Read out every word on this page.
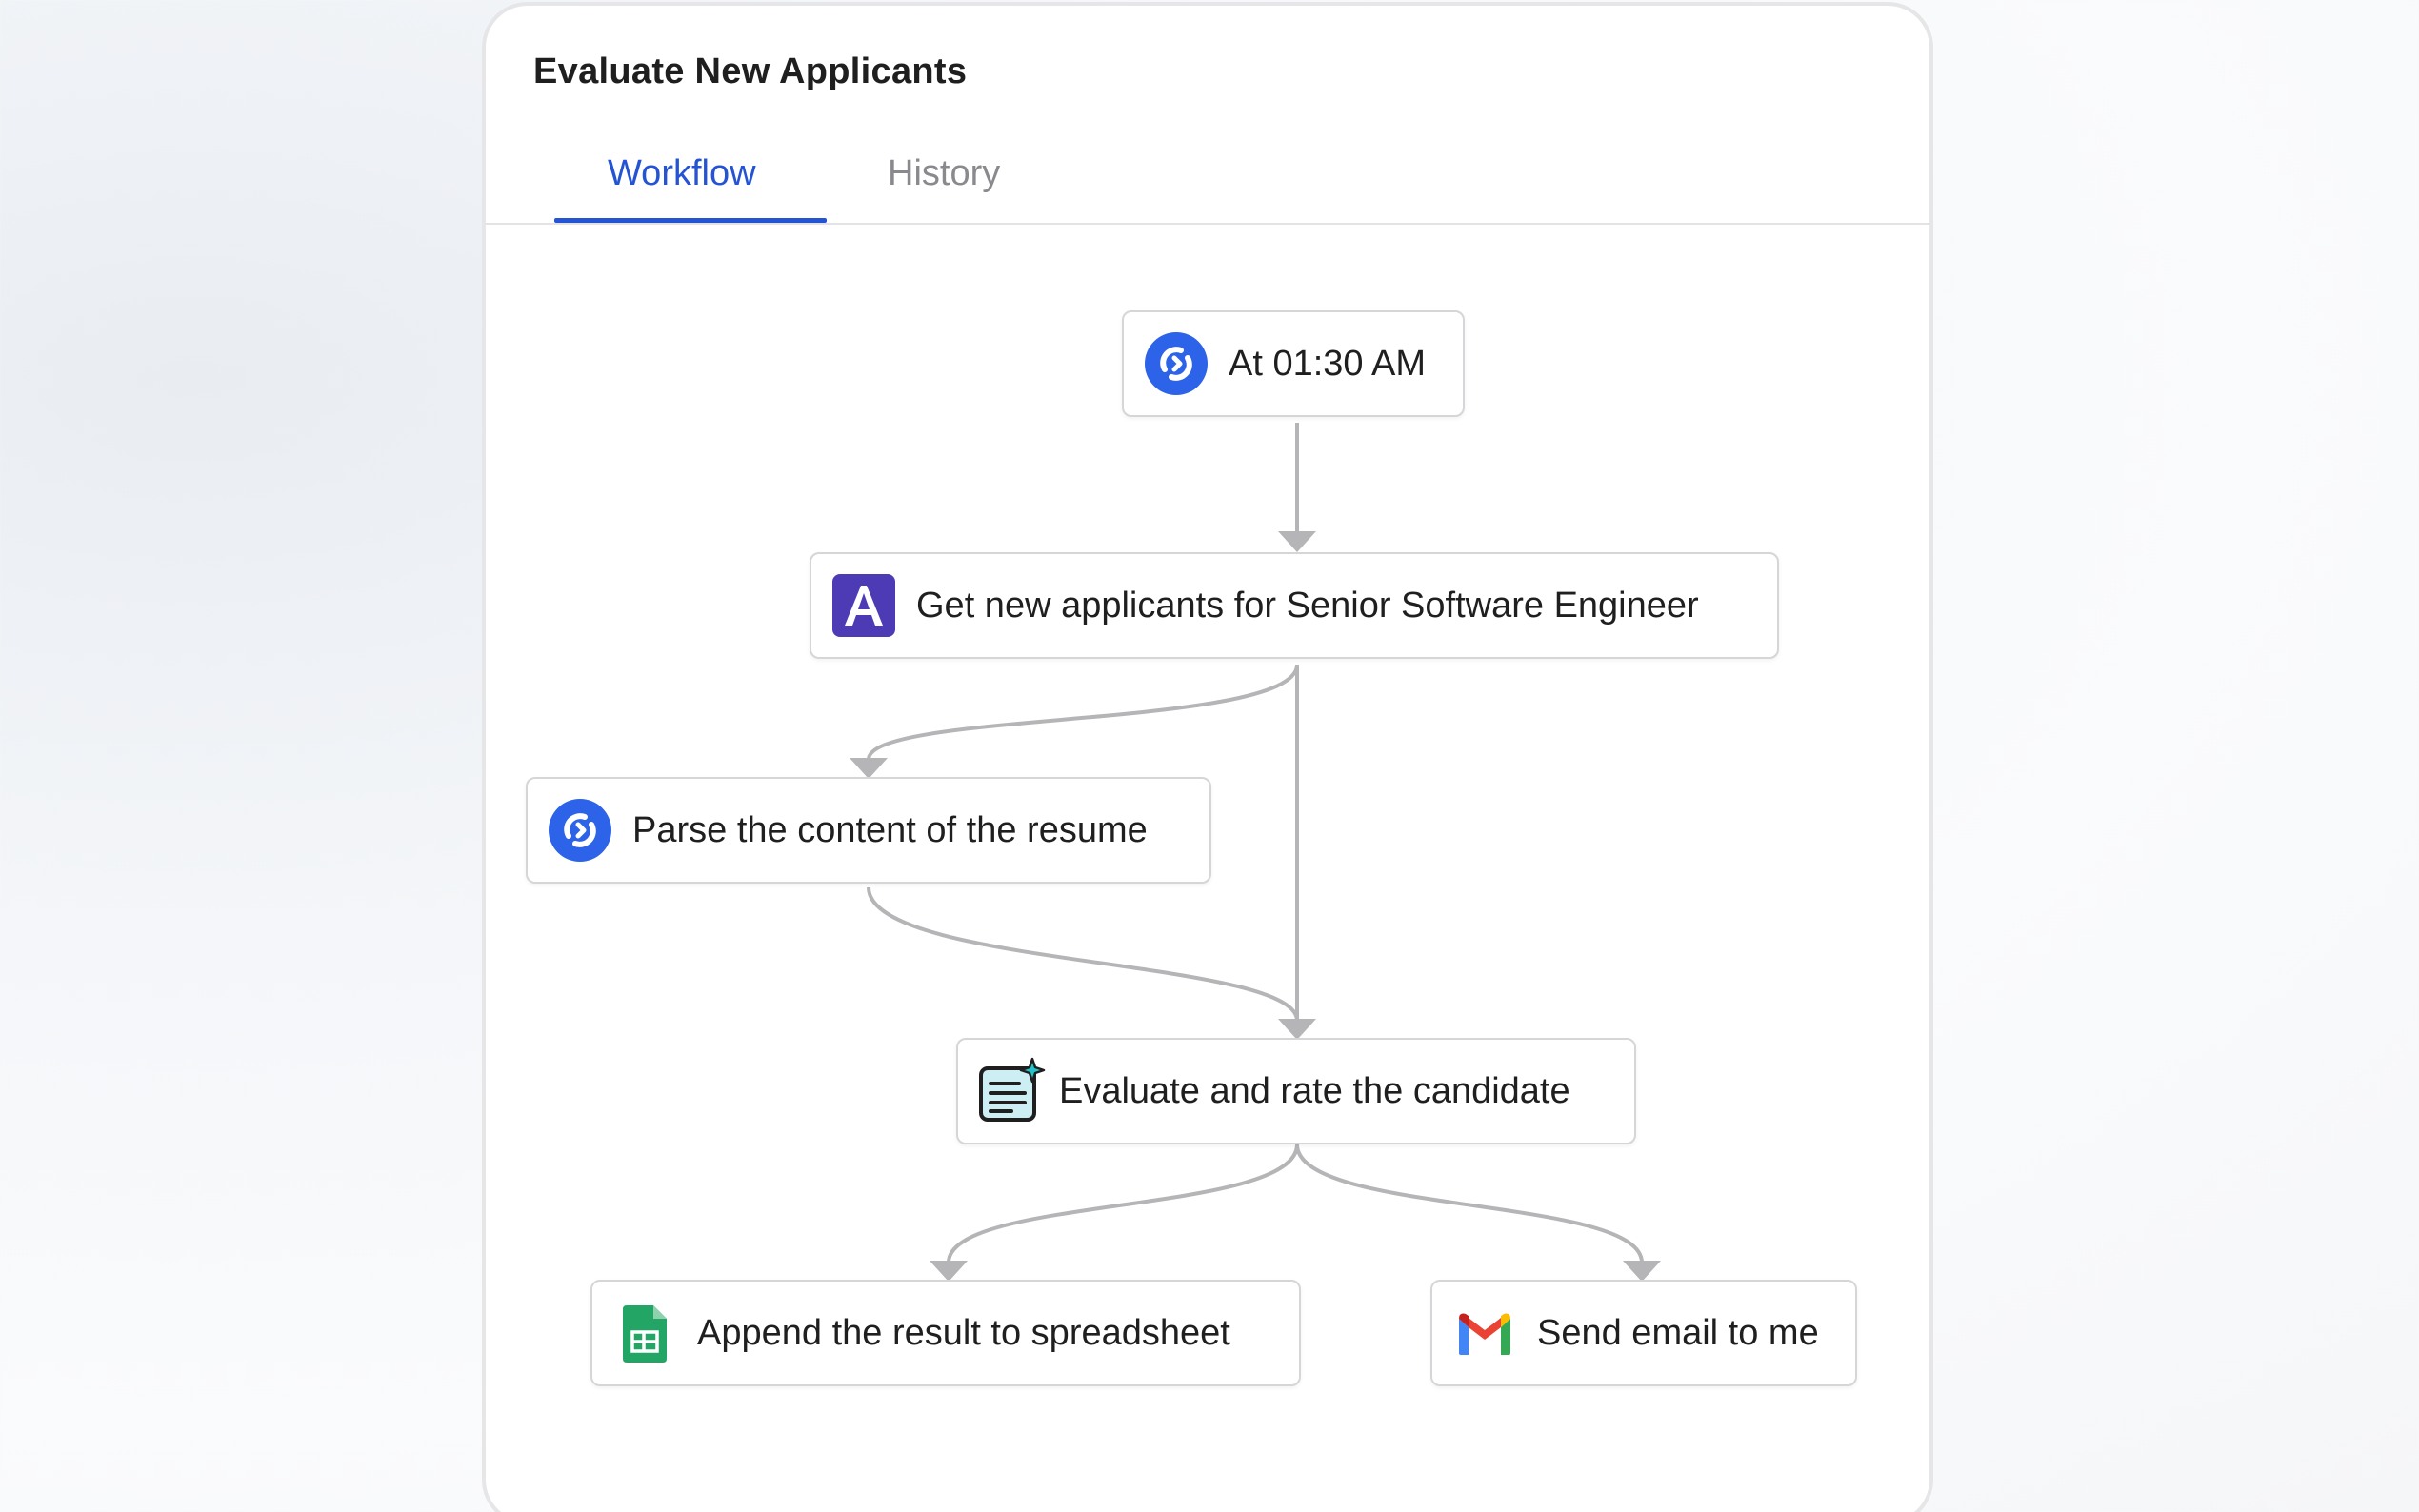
Evaluate New Applicants
Workflow	History
At 01:30 AM
Get new applicants for Senior Software Engineer
Parse the content of the resume
Evaluate and rate the candidate
Append the result to spreadsheet	Send email to me
